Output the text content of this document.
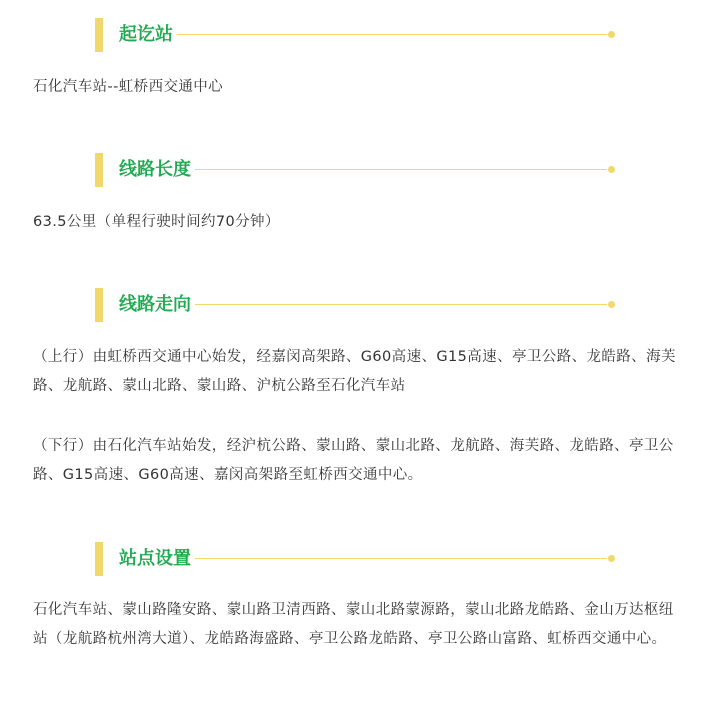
起讫站
石化汽车站--虹桥西交通中心
线路长度
63.5公里（单程行驶时间约70分钟）
线路走向
（上行）由虹桥西交通中心始发，经嘉闵高架路、G60高速、G15高速、亭卫公路、龙皓路、海芙路、龙航路、蒙山北路、蒙山路、沪杭公路至石化汽车站
（下行）由石化汽车站始发，经沪杭公路、蒙山路、蒙山北路、龙航路、海芙路、龙皓路、亭卫公路、G15高速、G60高速、嘉闵高架路至虹桥西交通中心。
站点设置
石化汽车站、蒙山路隆安路、蒙山路卫清西路、蒙山北路蒙源路，蒙山北路龙皓路、金山万达枢纽站（龙航路杭州湾大道）、龙皓路海盛路、亭卫公路龙皓路、亭卫公路山富路、虹桥西交通中心。
